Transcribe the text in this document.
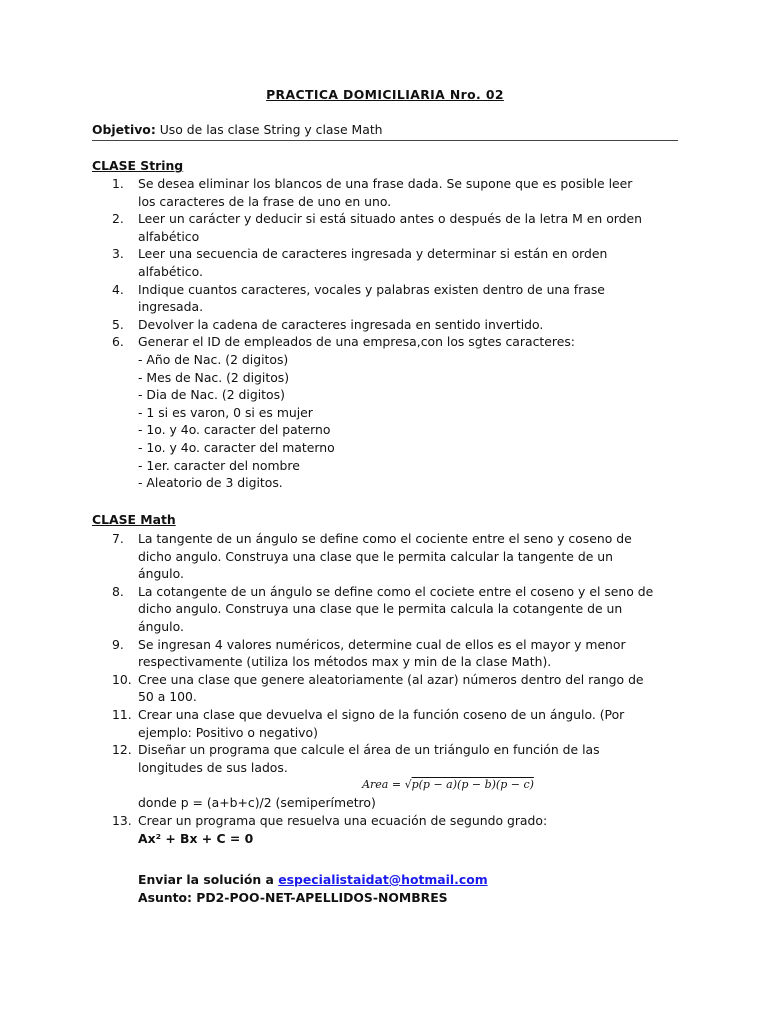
PRACTICA DOMICILIARIA Nro. 02
Objetivo: Uso de las clase String y clase Math
CLASE String
1.	Se desea eliminar los blancos de una frase dada. Se supone que es posible leer
los caracteres de la frase de uno en uno.
2.	Leer un carácter y deducir si está situado antes o después de la letra M en orden
alfabético
3.	Leer una secuencia de caracteres ingresada y determinar si están en orden
alfabético.
4.	Indique cuantos caracteres, vocales y palabras existen dentro de una frase
ingresada.
5.	Devolver la cadena de caracteres ingresada en sentido invertido.
6.	Generar el ID de empleados de una empresa,con los sgtes caracteres:
- Año de Nac. (2 digitos)
- Mes de Nac. (2 digitos)
- Dia de Nac. (2 digitos)
- 1 si es varon, 0 si es mujer
- 1o. y 4o. caracter del paterno
- 1o. y 4o. caracter del materno
- 1er. caracter del nombre
- Aleatorio de 3 digitos.
CLASE Math
7.	La tangente de un ángulo se define como el cociente entre el seno y coseno de
dicho angulo. Construya una clase que le permita calcular la tangente de un
ángulo.
8.	La cotangente de un ángulo se define como el cociete entre el coseno y el seno de
dicho angulo. Construya una clase que le permita calcula la cotangente de un
ángulo.
9.	Se ingresan 4 valores numéricos, determine cual de ellos es el mayor y menor
respectivamente (utiliza los métodos max y min de la clase Math).
10. Cree una clase que genere aleatoriamente (al azar) números dentro del rango de
50 a 100.
11. Crear una clase que devuelva el signo de la función coseno de un ángulo. (Por
ejemplo: Positivo o negativo)
12. Diseñar un programa que calcule el área de un triángulo en función de las
longitudes de sus lados.
Area = √p(p − a)(p − b)(p − c)
donde p = (a+b+c)/2 (semiperímetro)
13. Crear un programa que resuelva una ecuación de segundo grado:
Ax² + Bx + C = 0
Enviar la solución a especialistaidat@hotmail.com
Asunto: PD2-POO-NET-APELLIDOS-NOMBRES
